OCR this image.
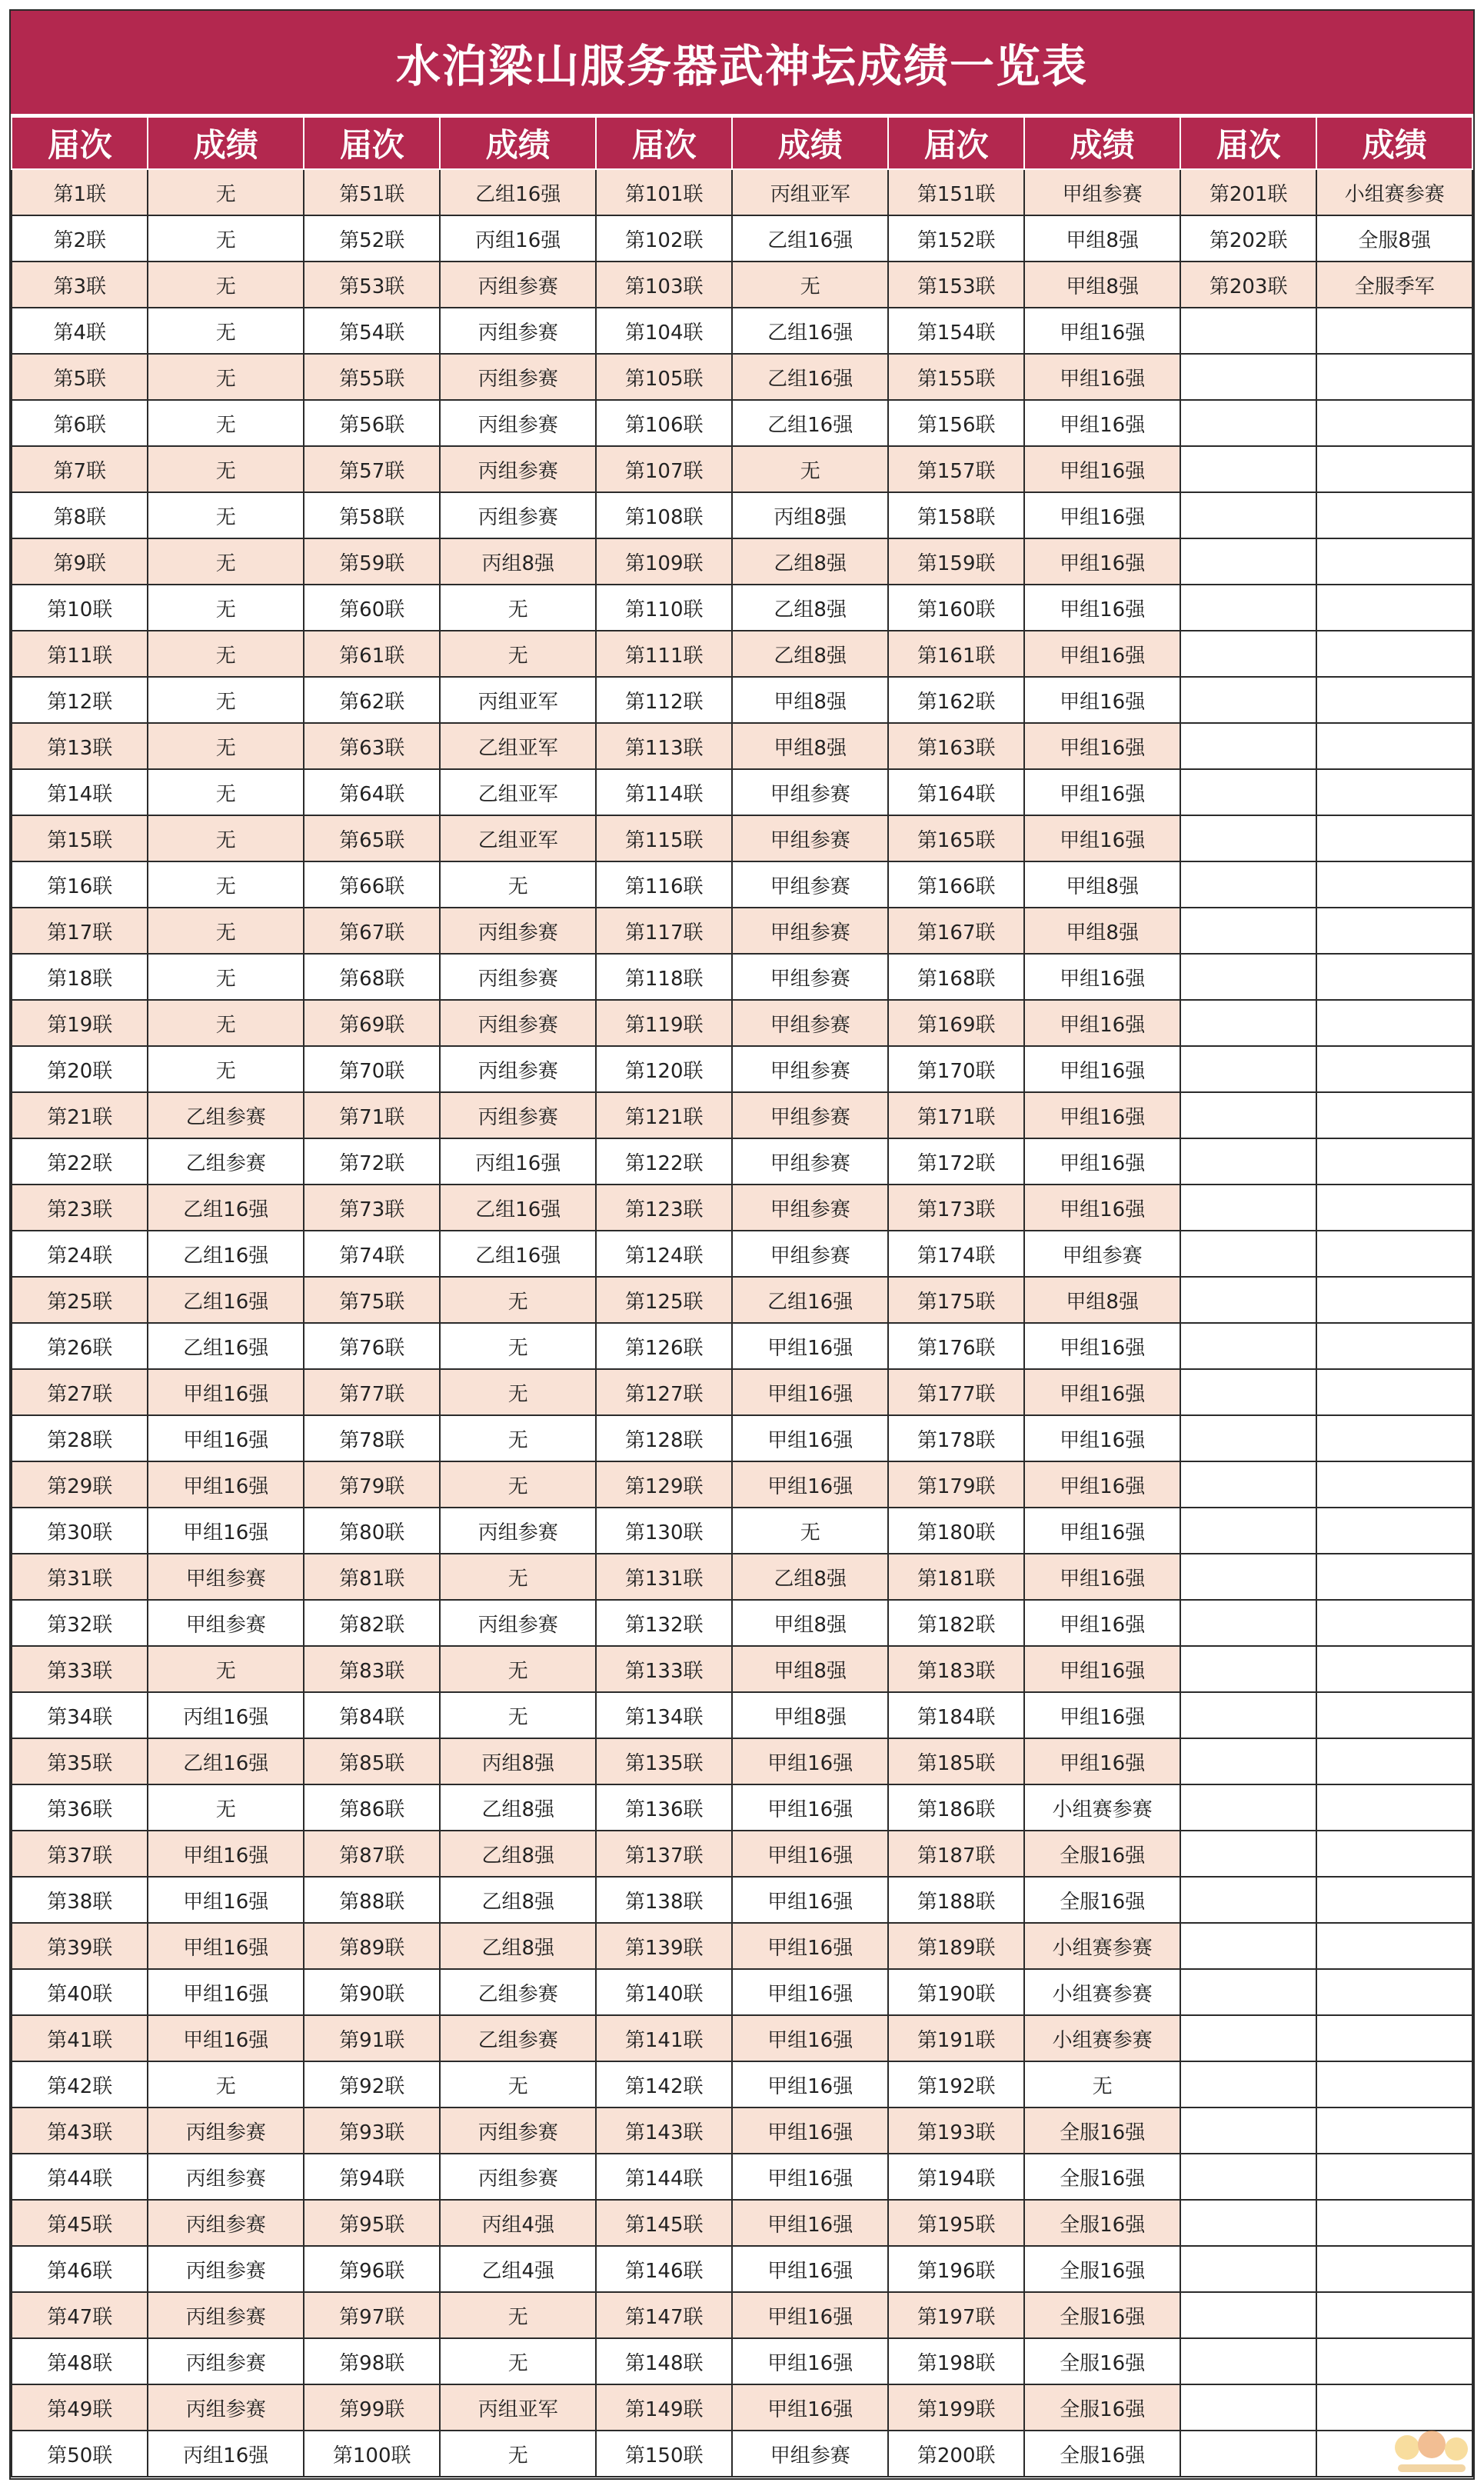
水泊梁山服务器武神坛成绩一览表
届次	成绩	届次	成绩	届次	成绩	届次	成绩	届次	成绩
第1联	无	第51联	乙组16强	第101联	丙组亚军	第151联	甲组参赛	第201联	小组赛参赛
第2联	无	第52联	丙组16强	第102联	乙组16强	第152联	甲组8强	第202联	全服8强
第3联	无	第53联	丙组参赛	第103联	无	第153联	甲组8强	第203联	全服季军
第4联	无	第54联	丙组参赛	第104联	乙组16强	第154联	甲组16强		
第5联	无	第55联	丙组参赛	第105联	乙组16强	第155联	甲组16强		
第6联	无	第56联	丙组参赛	第106联	乙组16强	第156联	甲组16强		
第7联	无	第57联	丙组参赛	第107联	无	第157联	甲组16强		
第8联	无	第58联	丙组参赛	第108联	丙组8强	第158联	甲组16强		
第9联	无	第59联	丙组8强	第109联	乙组8强	第159联	甲组16强		
第10联	无	第60联	无	第110联	乙组8强	第160联	甲组16强		
第11联	无	第61联	无	第111联	乙组8强	第161联	甲组16强		
第12联	无	第62联	丙组亚军	第112联	甲组8强	第162联	甲组16强		
第13联	无	第63联	乙组亚军	第113联	甲组8强	第163联	甲组16强		
第14联	无	第64联	乙组亚军	第114联	甲组参赛	第164联	甲组16强		
第15联	无	第65联	乙组亚军	第115联	甲组参赛	第165联	甲组16强		
第16联	无	第66联	无	第116联	甲组参赛	第166联	甲组8强		
第17联	无	第67联	丙组参赛	第117联	甲组参赛	第167联	甲组8强		
第18联	无	第68联	丙组参赛	第118联	甲组参赛	第168联	甲组16强		
第19联	无	第69联	丙组参赛	第119联	甲组参赛	第169联	甲组16强		
第20联	无	第70联	丙组参赛	第120联	甲组参赛	第170联	甲组16强		
第21联	乙组参赛	第71联	丙组参赛	第121联	甲组参赛	第171联	甲组16强		
第22联	乙组参赛	第72联	丙组16强	第122联	甲组参赛	第172联	甲组16强		
第23联	乙组16强	第73联	乙组16强	第123联	甲组参赛	第173联	甲组16强		
第24联	乙组16强	第74联	乙组16强	第124联	甲组参赛	第174联	甲组参赛		
第25联	乙组16强	第75联	无	第125联	乙组16强	第175联	甲组8强		
第26联	乙组16强	第76联	无	第126联	甲组16强	第176联	甲组16强		
第27联	甲组16强	第77联	无	第127联	甲组16强	第177联	甲组16强		
第28联	甲组16强	第78联	无	第128联	甲组16强	第178联	甲组16强		
第29联	甲组16强	第79联	无	第129联	甲组16强	第179联	甲组16强		
第30联	甲组16强	第80联	丙组参赛	第130联	无	第180联	甲组16强		
第31联	甲组参赛	第81联	无	第131联	乙组8强	第181联	甲组16强		
第32联	甲组参赛	第82联	丙组参赛	第132联	甲组8强	第182联	甲组16强		
第33联	无	第83联	无	第133联	甲组8强	第183联	甲组16强		
第34联	丙组16强	第84联	无	第134联	甲组8强	第184联	甲组16强		
第35联	乙组16强	第85联	丙组8强	第135联	甲组16强	第185联	甲组16强		
第36联	无	第86联	乙组8强	第136联	甲组16强	第186联	小组赛参赛		
第37联	甲组16强	第87联	乙组8强	第137联	甲组16强	第187联	全服16强		
第38联	甲组16强	第88联	乙组8强	第138联	甲组16强	第188联	全服16强		
第39联	甲组16强	第89联	乙组8强	第139联	甲组16强	第189联	小组赛参赛		
第40联	甲组16强	第90联	乙组参赛	第140联	甲组16强	第190联	小组赛参赛		
第41联	甲组16强	第91联	乙组参赛	第141联	甲组16强	第191联	小组赛参赛		
第42联	无	第92联	无	第142联	甲组16强	第192联	无		
第43联	丙组参赛	第93联	丙组参赛	第143联	甲组16强	第193联	全服16强		
第44联	丙组参赛	第94联	丙组参赛	第144联	甲组16强	第194联	全服16强		
第45联	丙组参赛	第95联	丙组4强	第145联	甲组16强	第195联	全服16强		
第46联	丙组参赛	第96联	乙组4强	第146联	甲组16强	第196联	全服16强		
第47联	丙组参赛	第97联	无	第147联	甲组16强	第197联	全服16强		
第48联	丙组参赛	第98联	无	第148联	甲组16强	第198联	全服16强		
第49联	丙组参赛	第99联	丙组亚军	第149联	甲组16强	第199联	全服16强		
第50联	丙组16强	第100联	无	第150联	甲组参赛	第200联	全服16强		
